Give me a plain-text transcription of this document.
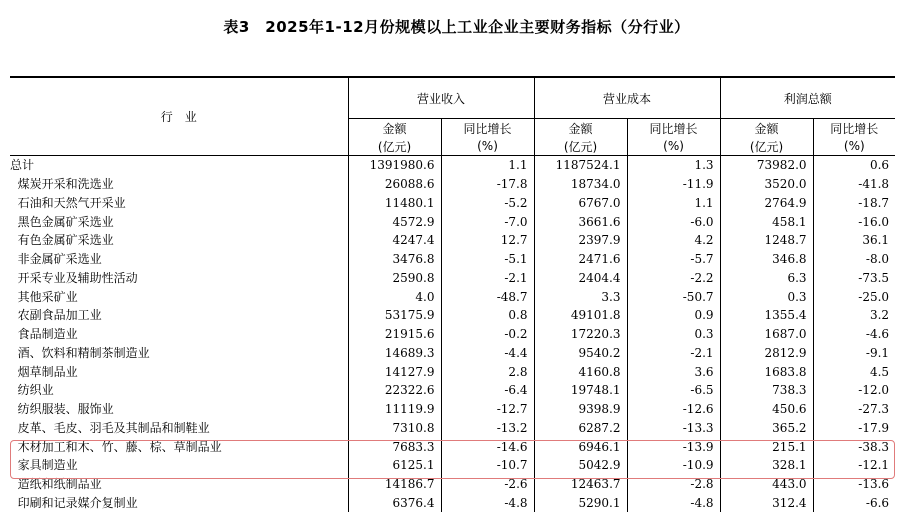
表3　2025年1-12月份规模以上工业企业主要财务指标（分行业）
行　业	营业收入		营业成本		利润总额	
	金额	同比增长	金额	同比增长	金额	同比增长
	(亿元)	(%)	(亿元)	(%)	(亿元)	(%)
总计	1391980.6	1.1	1187524.1	1.3	73982.0	0.6
煤炭开采和洗选业	26088.6	-17.8	18734.0	-11.9	3520.0	-41.8
石油和天然气开采业	11480.1	-5.2	6767.0	1.1	2764.9	-18.7
黑色金属矿采选业	4572.9	-7.0	3661.6	-6.0	458.1	-16.0
有色金属矿采选业	4247.4	12.7	2397.9	4.2	1248.7	36.1
非金属矿采选业	3476.8	-5.1	2471.6	-5.7	346.8	-8.0
开采专业及辅助性活动	2590.8	-2.1	2404.4	-2.2	6.3	-73.5
其他采矿业	4.0	-48.7	3.3	-50.7	0.3	-25.0
农副食品加工业	53175.9	0.8	49101.8	0.9	1355.4	3.2
食品制造业	21915.6	-0.2	17220.3	0.3	1687.0	-4.6
酒、饮料和精制茶制造业	14689.3	-4.4	9540.2	-2.1	2812.9	-9.1
烟草制品业	14127.9	2.8	4160.8	3.6	1683.8	4.5
纺织业	22322.6	-6.4	19748.1	-6.5	738.3	-12.0
纺织服装、服饰业	11119.9	-12.7	9398.9	-12.6	450.6	-27.3
皮革、毛皮、羽毛及其制品和制鞋业	7310.8	-13.2	6287.2	-13.3	365.2	-17.9
木材加工和木、竹、藤、棕、草制品业	7683.3	-14.6	6946.1	-13.9	215.1	-38.3
家具制造业	6125.1	-10.7	5042.9	-10.9	328.1	-12.1
造纸和纸制品业	14186.7	-2.6	12463.7	-2.8	443.0	-13.6
印刷和记录媒介复制业	6376.4	-4.8	5290.1	-4.8	312.4	-6.6
